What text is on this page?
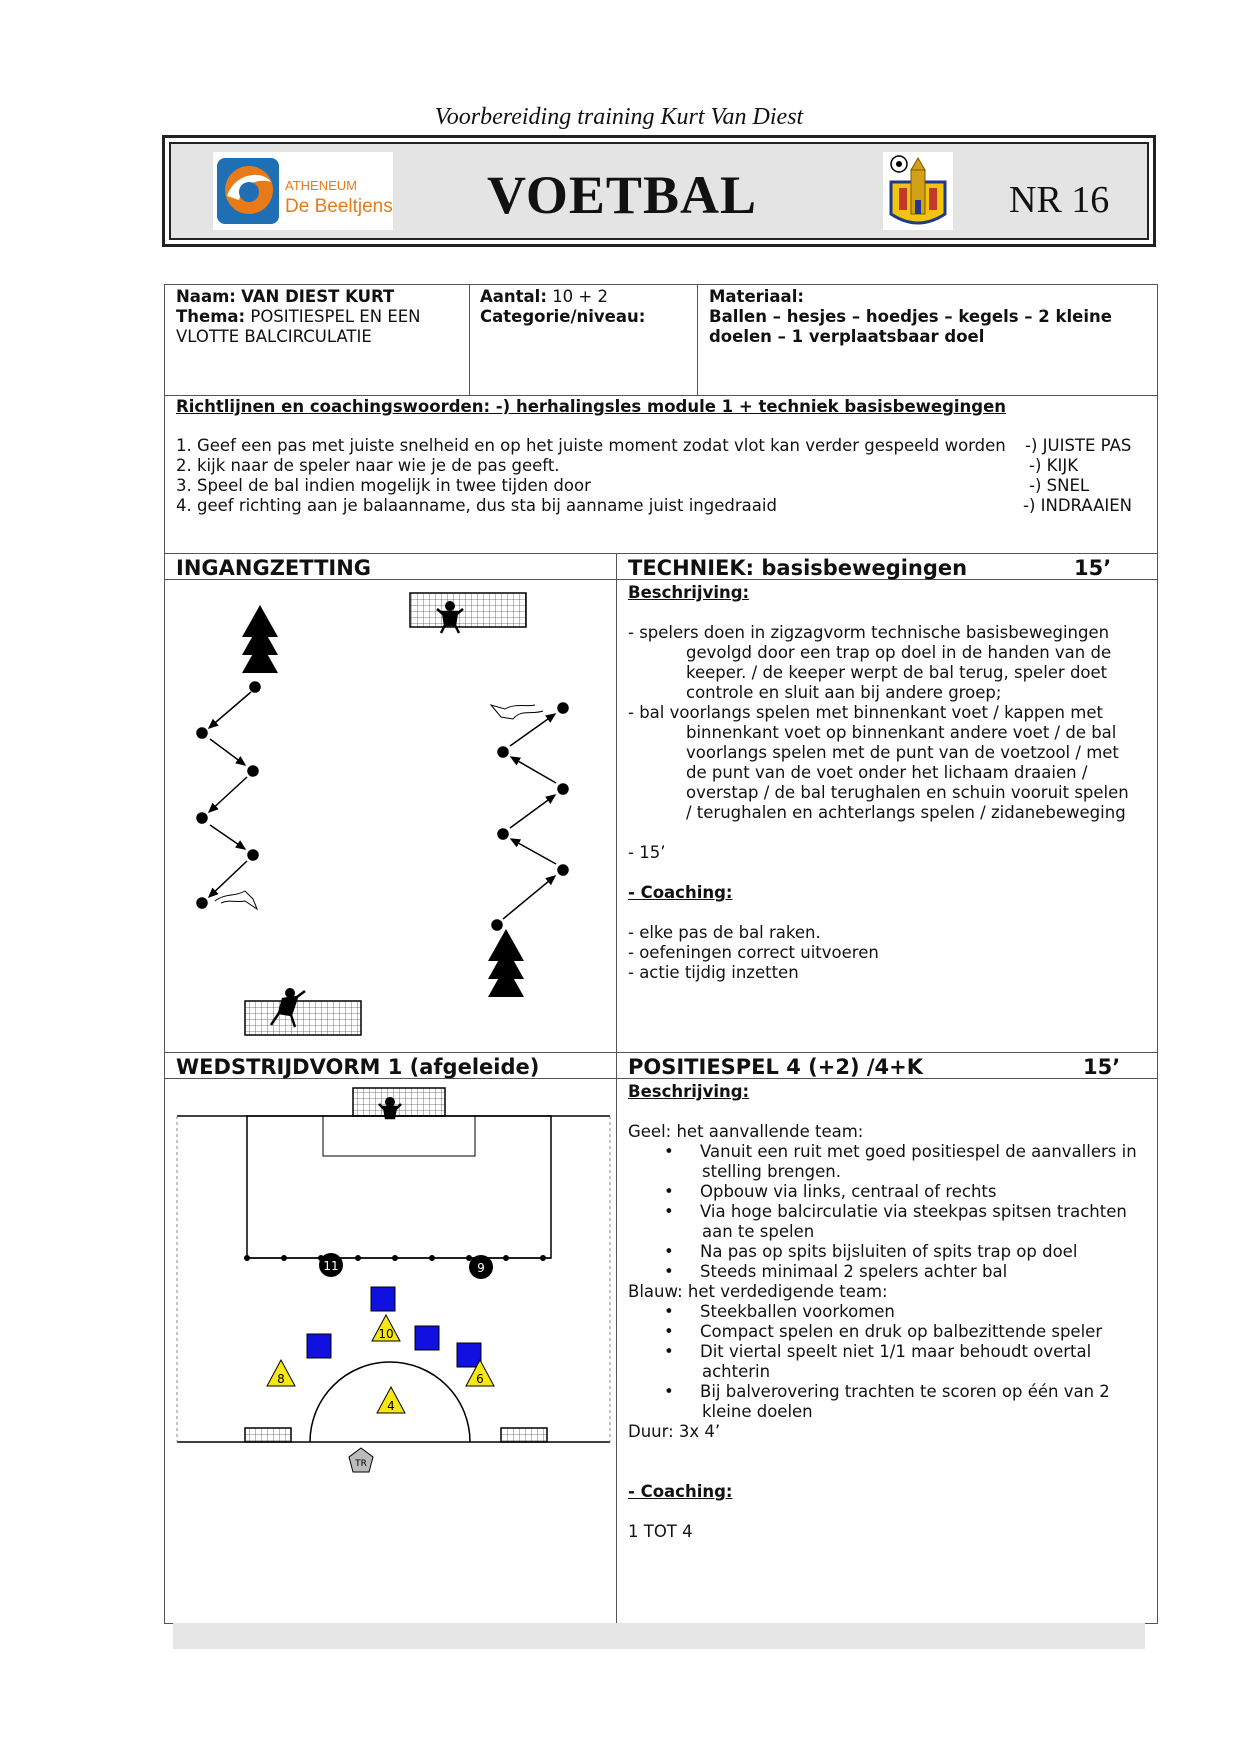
Voorbereiding training Kurt Van Diest
ATHENEUM
De Beeltjens VOETBAL	NR 16
Naam: VAN DIEST KURT
Thema: POSITIESPEL EN EEN
VLOTTE BALCIRCULATIE
Aantal: 10 + 2
Categorie/niveau:
Materiaal:
Ballen – hesjes – hoedjes – kegels – 2 kleine
doelen – 1 verplaatsbaar doel
Richtlijnen en coachingswoorden: -) herhalingsles module 1 + techniek basisbewegingen
1. Geef een pas met juiste snelheid en op het juiste moment zodat vlot kan verder gespeeld worden -) JUISTE PAS
2. kijk naar de speler naar wie je de pas geeft.	-) KIJK
3. Speel de bal indien mogelijk in twee tijden door	-) SNEL
4. geef richting aan je balaanname, dus sta bij aanname juist ingedraaid	-) INDRAAIEN
INGANGZETTING	TECHNIEK: basisbewegingen	15’
Beschrijving:
- spelers doen in zigzagvorm technische basisbewegingen
gevolgd door een trap op doel in de handen van de
keeper. / de keeper werpt de bal terug, speler doet
controle en sluit aan bij andere groep;
- bal voorlangs spelen met binnenkant voet / kappen met
binnenkant voet op binnenkant andere voet / de bal
voorlangs spelen met de punt van de voetzool / met
de punt van de voet onder het lichaam draaien /
overstap / de bal terughalen en schuin vooruit spelen
/ terughalen en achterlangs spelen / zidanebeweging
- 15’
- Coaching:
- elke pas de bal raken.
- oefeningen correct uitvoeren
- actie tijdig inzetten
WEDSTRIJDVORM 1 (afgeleide)	POSITIESPEL 4 (+2) /4+K	15’
Beschrijving:
Geel: het aanvallende team:
• Vanuit een ruit met goed positiespel de aanvallers in
stelling brengen.
• Opbouw via links, centraal of rechts
• Via hoge balcirculatie via steekpas spitsen trachten
aan te spelen
• Na pas op spits bijsluiten of spits trap op doel
• Steeds minimaal 2 spelers achter bal
Blauw: het verdedigende team:
• Steekballen voorkomen
• Compact spelen en druk op balbezittende speler
• Dit viertal speelt niet 1/1 maar behoudt overtal
achterin
• Bij balverovering trachten te scoren op één van 2
kleine doelen
Duur: 3x 4’
- Coaching:
1 TOT 4
11	9
10
8	6
4
TR
